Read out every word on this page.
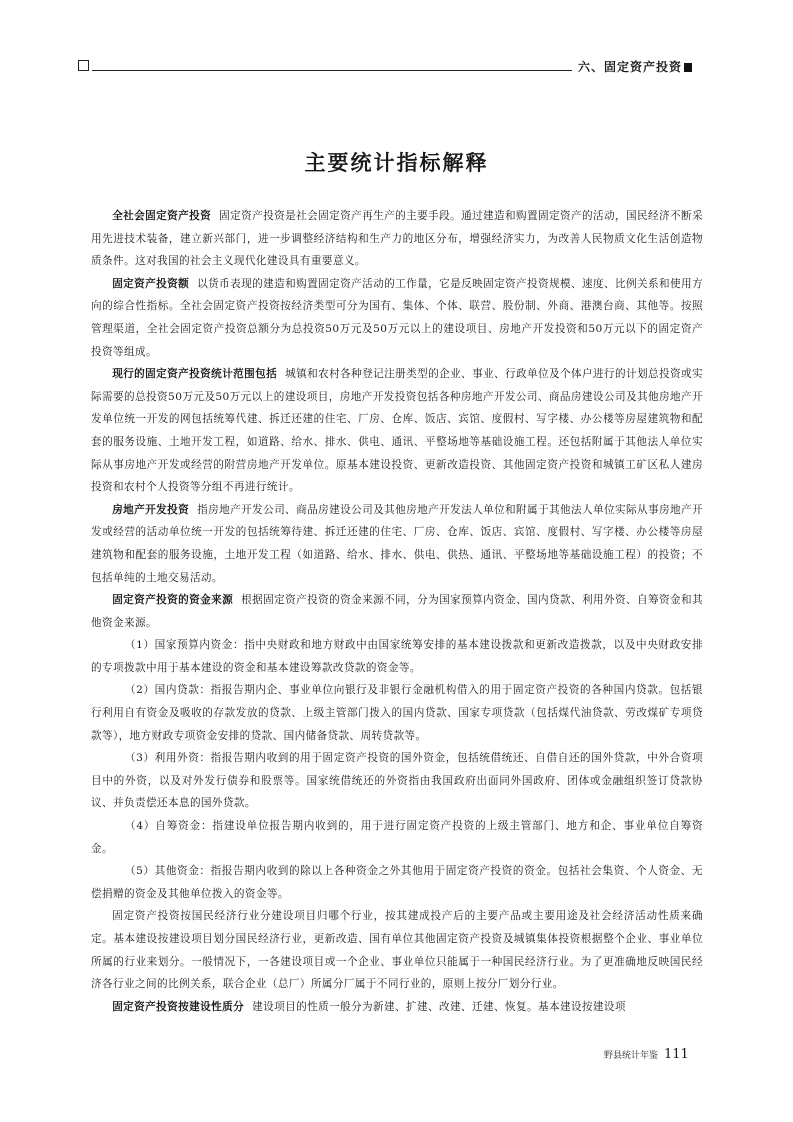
六、固定资产投资
主要统计指标解释

全社会固定资产投资 固定资产投资是社会固定资产再生产的主要手段。通过建造和购置固定资产的活动，国民经济不断采用先进技术装备，建立新兴部门，进一步调整经济结构和生产力的地区分布，增强经济实力，为改善人民物质文化生活创造物质条件。这对我国的社会主义现代化建设具有重要意义。

固定资产投资额 以货币表现的建造和购置固定资产活动的工作量，它是反映固定资产投资规模、速度、比例关系和使用方向的综合性指标。全社会固定资产投资按经济类型可分为国有、集体、个体、联营、股份制、外商、港澳台商、其他等。按照管理渠道，全社会固定资产投资总额分为总投资50万元及50万元以上的建设项目、房地产开发投资和50万元以下的固定资产投资等组成。

现行的固定资产投资统计范围包括 城镇和农村各种登记注册类型的企业、事业、行政单位及个体户进行的计划总投资或实际需要的总投资50万元及50万元以上的建设项目，房地产开发投资包括各种房地产开发公司、商品房建设公司及其他房地产开发单位统一开发的网包括统筹代建、拆迁还建的住宅、厂房、仓库、饭店、宾馆、度假村、写字楼、办公楼等房屋建筑物和配套的服务设施、土地开发工程，如道路、给水、排水、供电、通讯、平整场地等基础设施工程。还包括附属于其他法人单位实际从事房地产开发或经营的附营房地产开发单位。原基本建设投资、更新改造投资、其他固定资产投资和城镇工矿区私人建房投资和农村个人投资等分组不再进行统计。

房地产开发投资 指房地产开发公司、商品房建设公司及其他房地产开发法人单位和附属于其他法人单位实际从事房地产开发或经营的活动单位统一开发的包括统筹待建、拆迁还建的住宅、厂房、仓库、饭店、宾馆、度假村、写字楼、办公楼等房屋建筑物和配套的服务设施，土地开发工程（如道路、给水、排水、供电、供热、通讯、平整场地等基础设施工程）的投资；不包括单纯的土地交易活动。

固定资产投资的资金来源 根据固定资产投资的资金来源不同，分为国家预算内资金、国内贷款、利用外资、自筹资金和其他资金来源。

（1）国家预算内资金：指中央财政和地方财政中由国家统筹安排的基本建设拨款和更新改造拨款，以及中央财政安排的专项拨款中用于基本建设的资金和基本建设筹款改贷款的资金等。

（2）国内贷款：指报告期内企、事业单位向银行及非银行金融机构借入的用于固定资产投资的各种国内贷款。包括银行利用自有资金及吸收的存款发放的贷款、上级主管部门拨入的国内贷款、国家专项贷款（包括煤代油贷款、劳改煤矿专项贷款等），地方财政专项资金安排的贷款、国内储备贷款、周转贷款等。

（3）利用外资：指报告期内收到的用于固定资产投资的国外资金，包括统借统还、自借自还的国外贷款，中外合资项目中的外资，以及对外发行债券和股票等。国家统借统还的外资指由我国政府出面同外国政府、团体或金融组织签订贷款协议、并负责偿还本息的国外贷款。

（4）自筹资金：指建设单位报告期内收到的，用于进行固定资产投资的上级主管部门、地方和企、事业单位自筹资金。

（5）其他资金：指报告期内收到的除以上各种资金之外其他用于固定资产投资的资金。包括社会集资、个人资金、无偿捐赠的资金及其他单位拨入的资金等。

固定资产投资按国民经济行业分建设项目归哪个行业，按其建成投产后的主要产品或主要用途及社会经济活动性质来确定。基本建设按建设项目划分国民经济行业，更新改造、国有单位其他固定资产投资及城镇集体投资根据整个企业、事业单位所属的行业来划分。一般情况下，一各建设项目或一个企业、事业单位只能属于一种国民经济行业。为了更准确地反映国民经济各行业之间的比例关系，联合企业（总厂）所属分厂属于不同行业的，原则上按分厂划分行业。

固定资产投资按建设性质分 建设项目的性质一般分为新建、扩建、改建、迁建、恢复。基本建设按建设项

野县统计年鉴 111
